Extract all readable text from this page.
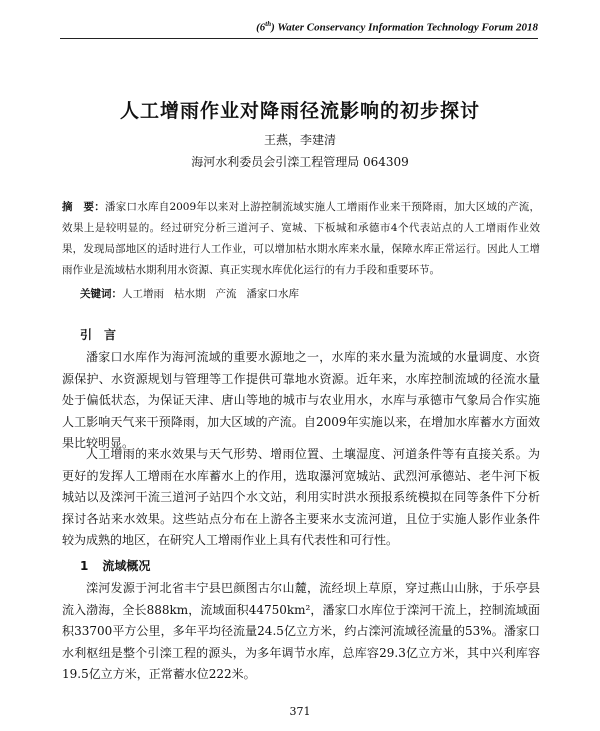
(6th) Water Conservancy Information Technology Forum 2018
人工增雨作业对降雨径流影响的初步探讨
王燕，李建清
海河水利委员会引滦工程管理局 064309
摘　要：潘家口水库自2009年以来对上游控制流域实施人工增雨作业来干预降雨，加大区域的产流，效果上是较明显的。经过研究分析三道河子、宽城、下板城和承德市4个代表站点的人工增雨作业效果，发现局部地区的适时进行人工作业，可以增加枯水期水库来水量，保障水库正常运行。因此人工增雨作业是流域枯水期利用水资源、真正实现水库优化运行的有力手段和重要环节。
关键词：人工增雨 枯水期 产流 潘家口水库
引 言

潘家口水库作为海河流域的重要水源地之一，水库的来水量为流域的水量调度、水资源保护、水资源规划与管理等工作提供可靠地水资源。近年来，水库控制流域的径流水量处于偏低状态，为保证天津、唐山等地的城市与农业用水，水库与承德市气象局合作实施人工影响天气来干预降雨，加大区域的产流。自2009年实施以来，在增加水库蓄水方面效果比较明显。

人工增雨的来水效果与天气形势、增雨位置、土壤湿度、河道条件等有直接关系。为更好的发挥人工增雨在水库蓄水上的作用，选取瀑河宽城站、武烈河承德站、老牛河下板城站以及滦河干流三道河子站四个水文站，利用实时洪水预报系统模拟在同等条件下分析探讨各站来水效果。这些站点分布在上游各主要来水支流河道，且位于实施人影作业条件较为成熟的地区，在研究人工增雨作业上具有代表性和可行性。

1 流域概况

滦河发源于河北省丰宁县巴颜图古尔山麓，流经坝上草原，穿过燕山山脉，于乐亭县流入渤海，全长888km，流域面积44750km²，潘家口水库位于滦河干流上，控制流域面积33700平方公里，多年平均径流量24.5亿立方米，约占滦河流域径流量的53%。潘家口水利枢纽是整个引滦工程的源头，为多年调节水库，总库容29.3亿立方米，其中兴利库容19.5亿立方米，正常蓄水位222米。

371
